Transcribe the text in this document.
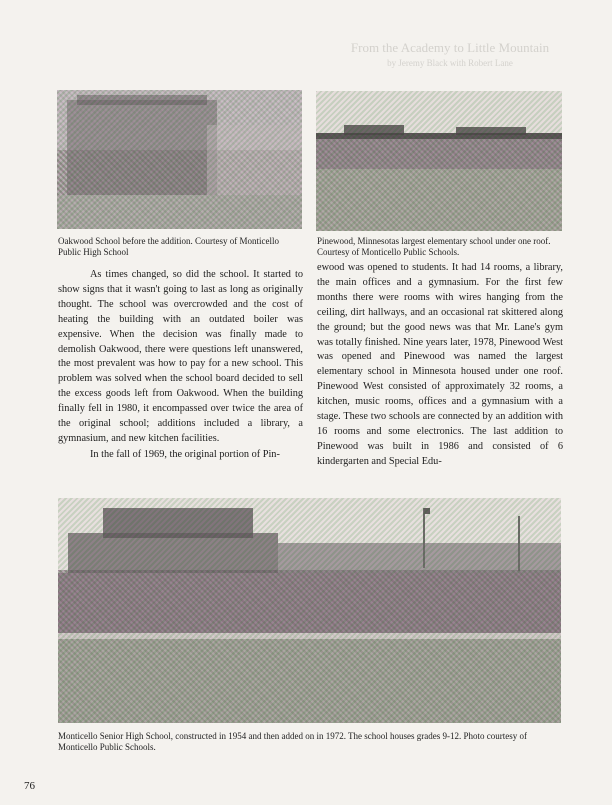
From the Academy to Little Mountain
by Jeremy Black with Robert Lane
Oakwood School before the addition. Courtesy of Monticello Public High School
Pinewood, Minnesotas largest elementary school under one roof. Courtesy of Monticello Public Schools.

As times changed, so did the school. It started to show signs that it wasn't going to last as long as originally thought. The school was overcrowded and the cost of heating the building with an outdated boiler was expensive. When the decision was finally made to demolish Oakwood, there were questions left unanswered, the most prevalent was how to pay for a new school. This problem was solved when the school board decided to sell the excess goods left from Oakwood. When the building finally fell in 1980, it encompassed over twice the area of the original school; additions included a library, a gymnasium, and new kitchen facilities.

In the fall of 1969, the original portion of Pin-

ewood was opened to students. It had 14 rooms, a library, the main offices and a gymnasium. For the first few months there were rooms with wires hanging from the ceiling, dirt hallways, and an occasional rat skittered along the ground; but the good news was that Mr. Lane's gym was totally finished. Nine years later, 1978, Pinewood West was opened and Pinewood was named the largest elementary school in Minnesota housed under one roof. Pinewood West consisted of approximately 32 rooms, a kitchen, music rooms, offices and a gymnasium with a stage. These two schools are connected by an addition with 16 rooms and some electronics. The last addition to Pinewood was built in 1986 and consisted of 6 kindergarten and Special Edu-

Monticello Senior High School, constructed in 1954 and then added on in 1972. The school houses grades 9-12. Photo courtesy of Monticello Public Schools.
76
